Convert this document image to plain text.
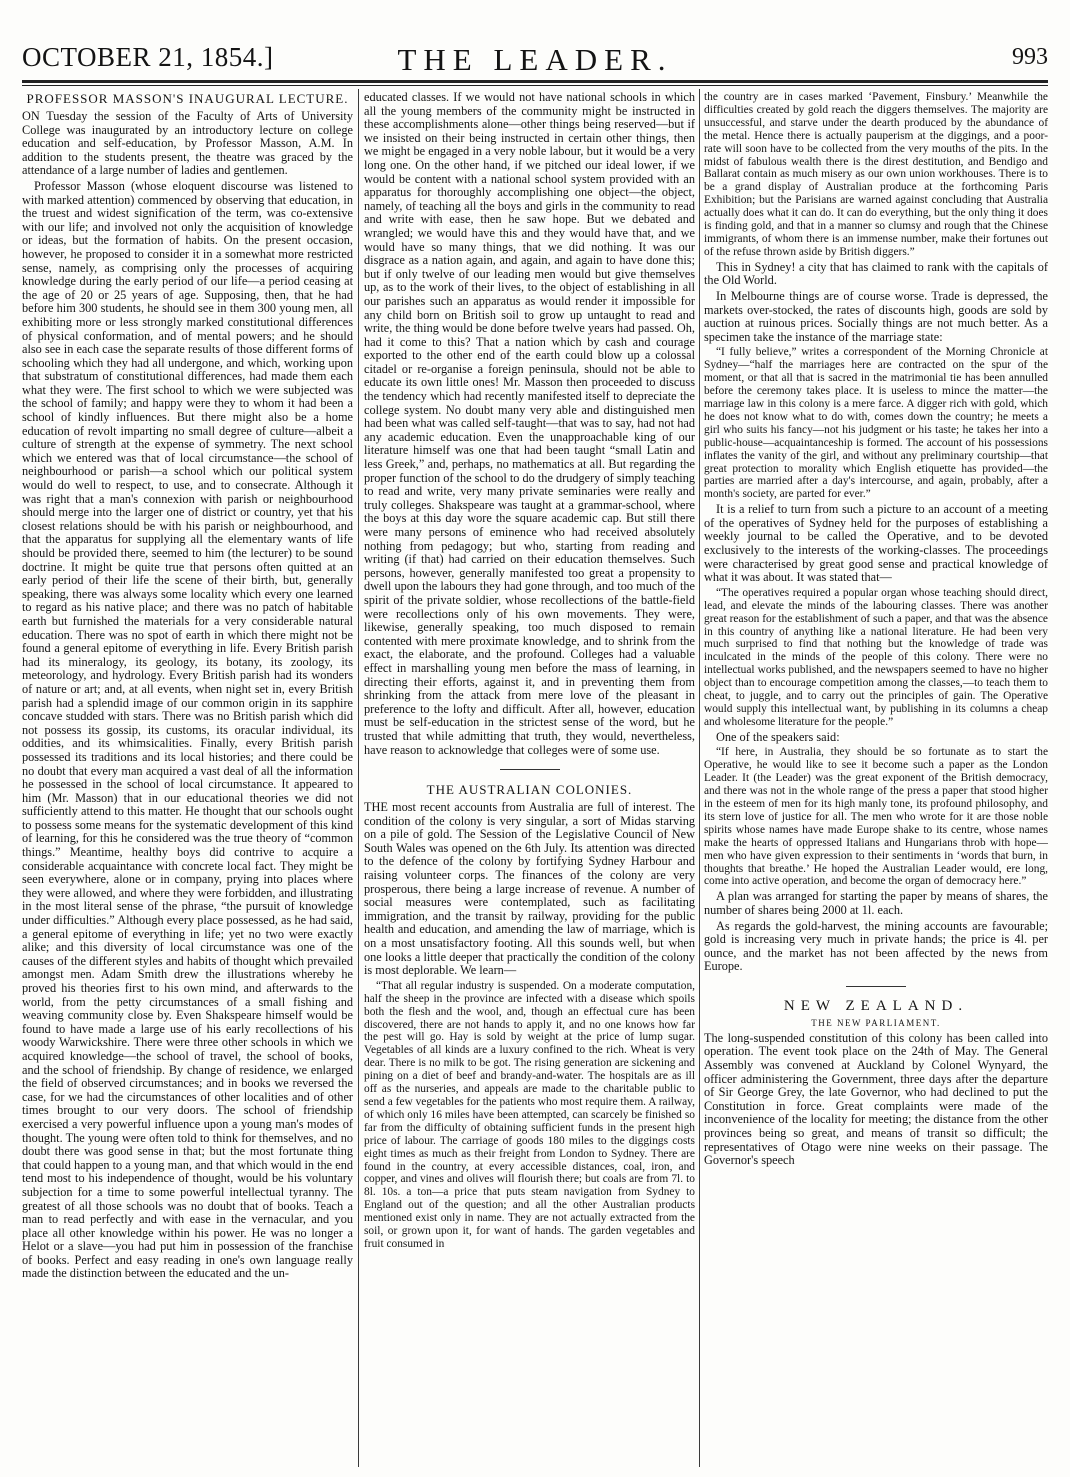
OCTOBER 21, 1854.]	THE LEADER.	993
PROFESSOR MASSON'S INAUGURAL LECTURE.

ON Tuesday the session of the Faculty of Arts of University College was inaugurated by an introductory lecture on college education and self-education, by Professor Masson, A.M. In addition to the students present, the theatre was graced by the attendance of a large number of ladies and gentlemen.

Professor Masson (whose eloquent discourse was listened to with marked attention) commenced by observing that education, in the truest and widest signification of the term, was co-extensive with our life; and involved not only the acquisition of knowledge or ideas, but the formation of habits. On the present occasion, however, he proposed to consider it in a somewhat more restricted sense, namely, as comprising only the processes of acquiring knowledge during the early period of our life—a period ceasing at the age of 20 or 25 years of age. Supposing, then, that he had before him 300 students, he should see in them 300 young men, all exhibiting more or less strongly marked constitutional differences of physical conformation, and of mental powers; and he should also see in each case the separate results of those different forms of schooling which they had all undergone, and which, working upon that substratum of constitutional differences, had made them each what they were. The first school to which we were subjected was the school of family; and happy were they to whom it had been a school of kindly influences. But there might also be a home education of revolt imparting no small degree of culture—albeit a culture of strength at the expense of symmetry. The next school which we entered was that of local circumstance—the school of neighbourhood or parish—a school which our political system would do well to respect, to use, and to consecrate. Although it was right that a man's connexion with parish or neighbourhood should merge into the larger one of district or country, yet that his closest relations should be with his parish or neighbourhood, and that the apparatus for supplying all the elementary wants of life should be provided there, seemed to him (the lecturer) to be sound doctrine. It might be quite true that persons often quitted at an early period of their life the scene of their birth, but, generally speaking, there was always some locality which every one learned to regard as his native place; and there was no patch of habitable earth but furnished the materials for a very considerable natural education. There was no spot of earth in which there might not be found a general epitome of everything in life. Every British parish had its mineralogy, its geology, its botany, its zoology, its meteorology, and hydrology. Every British parish had its wonders of nature or art; and, at all events, when night set in, every British parish had a splendid image of our common origin in its sapphire concave studded with stars. There was no British parish which did not possess its gossip, its customs, its oracular individual, its oddities, and its whimsicalities. Finally, every British parish possessed its traditions and its local histories; and there could be no doubt that every man acquired a vast deal of all the information he possessed in the school of local circumstance. It appeared to him (Mr. Masson) that in our educational theories we did not sufficiently attend to this matter. He thought that our schools ought to possess some means for the systematic development of this kind of learning, for this he considered was the true theory of “common things.” Meantime, healthy boys did contrive to acquire a considerable acquaintance with concrete local fact. They might be seen everywhere, alone or in company, prying into places where they were allowed, and where they were forbidden, and illustrating in the most literal sense of the phrase, “the pursuit of knowledge under difficulties.” Although every place possessed, as he had said, a general epitome of everything in life; yet no two were exactly alike; and this diversity of local circumstance was one of the causes of the different styles and habits of thought which prevailed amongst men. Adam Smith drew the illustrations whereby he proved his theories first to his own mind, and afterwards to the world, from the petty circumstances of a small fishing and weaving community close by. Even Shakspeare himself would be found to have made a large use of his early recollections of his woody Warwickshire. There were three other schools in which we acquired knowledge—the school of travel, the school of books, and the school of friendship. By change of residence, we enlarged the field of observed circumstances; and in books we reversed the case, for we had the circumstances of other localities and of other times brought to our very doors. The school of friendship exercised a very powerful influence upon a young man's modes of thought. The young were often told to think for themselves, and no doubt there was good sense in that; but the most fortunate thing that could happen to a young man, and that which would in the end tend most to his independence of thought, would be his voluntary subjection for a time to some powerful intellectual tyranny. The greatest of all those schools was no doubt that of books. Teach a man to read perfectly and with ease in the vernacular, and you place all other knowledge within his power. He was no longer a Helot or a slave—you had put him in possession of the franchise of books. Perfect and easy reading in one's own language really made the distinction between the educated and the un-

educated classes. If we would not have national schools in which all the young members of the community might be instructed in these accomplishments alone—other things being reserved—but if we insisted on their being instructed in certain other things, then we might be engaged in a very noble labour, but it would be a very long one. On the other hand, if we pitched our ideal lower, if we would be content with a national school system provided with an apparatus for thoroughly accomplishing one object—the object, namely, of teaching all the boys and girls in the community to read and write with ease, then he saw hope. But we debated and wrangled; we would have this and they would have that, and we would have so many things, that we did nothing. It was our disgrace as a nation again, and again, and again to have done this; but if only twelve of our leading men would but give themselves up, as to the work of their lives, to the object of establishing in all our parishes such an apparatus as would render it impossible for any child born on British soil to grow up untaught to read and write, the thing would be done before twelve years had passed. Oh, had it come to this? That a nation which by cash and courage exported to the other end of the earth could blow up a colossal citadel or re-organise a foreign peninsula, should not be able to educate its own little ones! Mr. Masson then proceeded to discuss the tendency which had recently manifested itself to depreciate the college system. No doubt many very able and distinguished men had been what was called self-taught—that was to say, had not had any academic education. Even the unapproachable king of our literature himself was one that had been taught “small Latin and less Greek,” and, perhaps, no mathematics at all. But regarding the proper function of the school to do the drudgery of simply teaching to read and write, very many private seminaries were really and truly colleges. Shakspeare was taught at a grammar-school, where the boys at this day wore the square academic cap. But still there were many persons of eminence who had received absolutely nothing from pedagogy; but who, starting from reading and writing (if that) had carried on their education themselves. Such persons, however, generally manifested too great a propensity to dwell upon the labours they had gone through, and too much of the spirit of the private soldier, whose recollections of the battle-field were recollections only of his own movements. They were, likewise, generally speaking, too much disposed to remain contented with mere proximate knowledge, and to shrink from the exact, the elaborate, and the profound. Colleges had a valuable effect in marshalling young men before the mass of learning, in directing their efforts, against it, and in preventing them from shrinking from the attack from mere love of the pleasant in preference to the lofty and difficult. After all, however, education must be self-education in the strictest sense of the word, but he trusted that while admitting that truth, they would, nevertheless, have reason to acknowledge that colleges were of some use.

THE AUSTRALIAN COLONIES.

THE most recent accounts from Australia are full of interest. The condition of the colony is very singular, a sort of Midas starving on a pile of gold. The Session of the Legislative Council of New South Wales was opened on the 6th July. Its attention was directed to the defence of the colony by fortifying Sydney Harbour and raising volunteer corps. The finances of the colony are very prosperous, there being a large increase of revenue. A number of social measures were contemplated, such as facilitating immigration, and the transit by railway, providing for the public health and education, and amending the law of marriage, which is on a most unsatisfactory footing. All this sounds well, but when one looks a little deeper that practically the condition of the colony is most deplorable. We learn—

“That all regular industry is suspended. On a moderate computation, half the sheep in the province are infected with a disease which spoils both the flesh and the wool, and, though an effectual cure has been discovered, there are not hands to apply it, and no one knows how far the pest will go. Hay is sold by weight at the price of lump sugar. Vegetables of all kinds are a luxury confined to the rich. Wheat is very dear. There is no milk to be got. The rising generation are sickening and pining on a diet of beef and brandy-and-water. The hospitals are as ill off as the nurseries, and appeals are made to the charitable public to send a few vegetables for the patients who most require them. A railway, of which only 16 miles have been attempted, can scarcely be finished so far from the difficulty of obtaining sufficient funds in the present high price of labour. The carriage of goods 180 miles to the diggings costs eight times as much as their freight from London to Sydney. There are found in the country, at every accessible distances, coal, iron, and copper, and vines and olives will flourish there; but coals are from 7l. to 8l. 10s. a ton—a price that puts steam navigation from Sydney to England out of the question; and all the other Australian products mentioned exist only in name. They are not actually extracted from the soil, or grown upon it, for want of hands. The garden vegetables and fruit consumed in

the country are in cases marked ‘Pavement, Finsbury.’ Meanwhile the difficulties created by gold reach the diggers themselves. The majority are unsuccessful, and starve under the dearth produced by the abundance of the metal. Hence there is actually pauperism at the diggings, and a poor-rate will soon have to be collected from the very mouths of the pits. In the midst of fabulous wealth there is the direst destitution, and Bendigo and Ballarat contain as much misery as our own union workhouses. There is to be a grand display of Australian produce at the forthcoming Paris Exhibition; but the Parisians are warned against concluding that Australia actually does what it can do. It can do everything, but the only thing it does is finding gold, and that in a manner so clumsy and rough that the Chinese immigrants, of whom there is an immense number, make their fortunes out of the refuse thrown aside by British diggers.”

This in Sydney! a city that has claimed to rank with the capitals of the Old World.

In Melbourne things are of course worse. Trade is depressed, the markets over-stocked, the rates of discounts high, goods are sold by auction at ruinous prices. Socially things are not much better. As a specimen take the instance of the marriage state:

“I fully believe,” writes a correspondent of the Morning Chronicle at Sydney—“half the marriages here are contracted on the spur of the moment, or that all that is sacred in the matrimonial tie has been annulled before the ceremony takes place. It is useless to mince the matter—the marriage law in this colony is a mere farce. A digger rich with gold, which he does not know what to do with, comes down the country; he meets a girl who suits his fancy—not his judgment or his taste; he takes her into a public-house—acquaintanceship is formed. The account of his possessions inflates the vanity of the girl, and without any preliminary courtship—that great protection to morality which English etiquette has provided—the parties are married after a day's intercourse, and again, probably, after a month's society, are parted for ever.”

It is a relief to turn from such a picture to an account of a meeting of the operatives of Sydney held for the purposes of establishing a weekly journal to be called the Operative, and to be devoted exclusively to the interests of the working-classes. The proceedings were characterised by great good sense and practical knowledge of what it was about. It was stated that—

“The operatives required a popular organ whose teaching should direct, lead, and elevate the minds of the labouring classes. There was another great reason for the establishment of such a paper, and that was the absence in this country of anything like a national literature. He had been very much surprised to find that nothing but the knowledge of trade was inculcated in the minds of the people of this colony. There were no intellectual works published, and the newspapers seemed to have no higher object than to encourage competition among the classes,—to teach them to cheat, to juggle, and to carry out the principles of gain. The Operative would supply this intellectual want, by publishing in its columns a cheap and wholesome literature for the people.”

One of the speakers said:

“If here, in Australia, they should be so fortunate as to start the Operative, he would like to see it become such a paper as the London Leader. It (the Leader) was the great exponent of the British democracy, and there was not in the whole range of the press a paper that stood higher in the esteem of men for its high manly tone, its profound philosophy, and its stern love of justice for all. The men who wrote for it are those noble spirits whose names have made Europe shake to its centre, whose names make the hearts of oppressed Italians and Hungarians throb with hope—men who have given expression to their sentiments in ‘words that burn, in thoughts that breathe.’ He hoped the Australian Leader would, ere long, come into active operation, and become the organ of democracy here.”

A plan was arranged for starting the paper by means of shares, the number of shares being 2000 at 1l. each.

As regards the gold-harvest, the mining accounts are favourable; gold is increasing very much in private hands; the price is 4l. per ounce, and the market has not been affected by the news from Europe.

NEW ZEALAND.
THE NEW PARLIAMENT.

The long-suspended constitution of this colony has been called into operation. The event took place on the 24th of May. The General Assembly was convened at Auckland by Colonel Wynyard, the officer administering the Government, three days after the departure of Sir George Grey, the late Governor, who had declined to put the Constitution in force. Great complaints were made of the inconvenience of the locality for meeting; the distance from the other provinces being so great, and means of transit so difficult; the representatives of Otago were nine weeks on their passage. The Governor's speech
